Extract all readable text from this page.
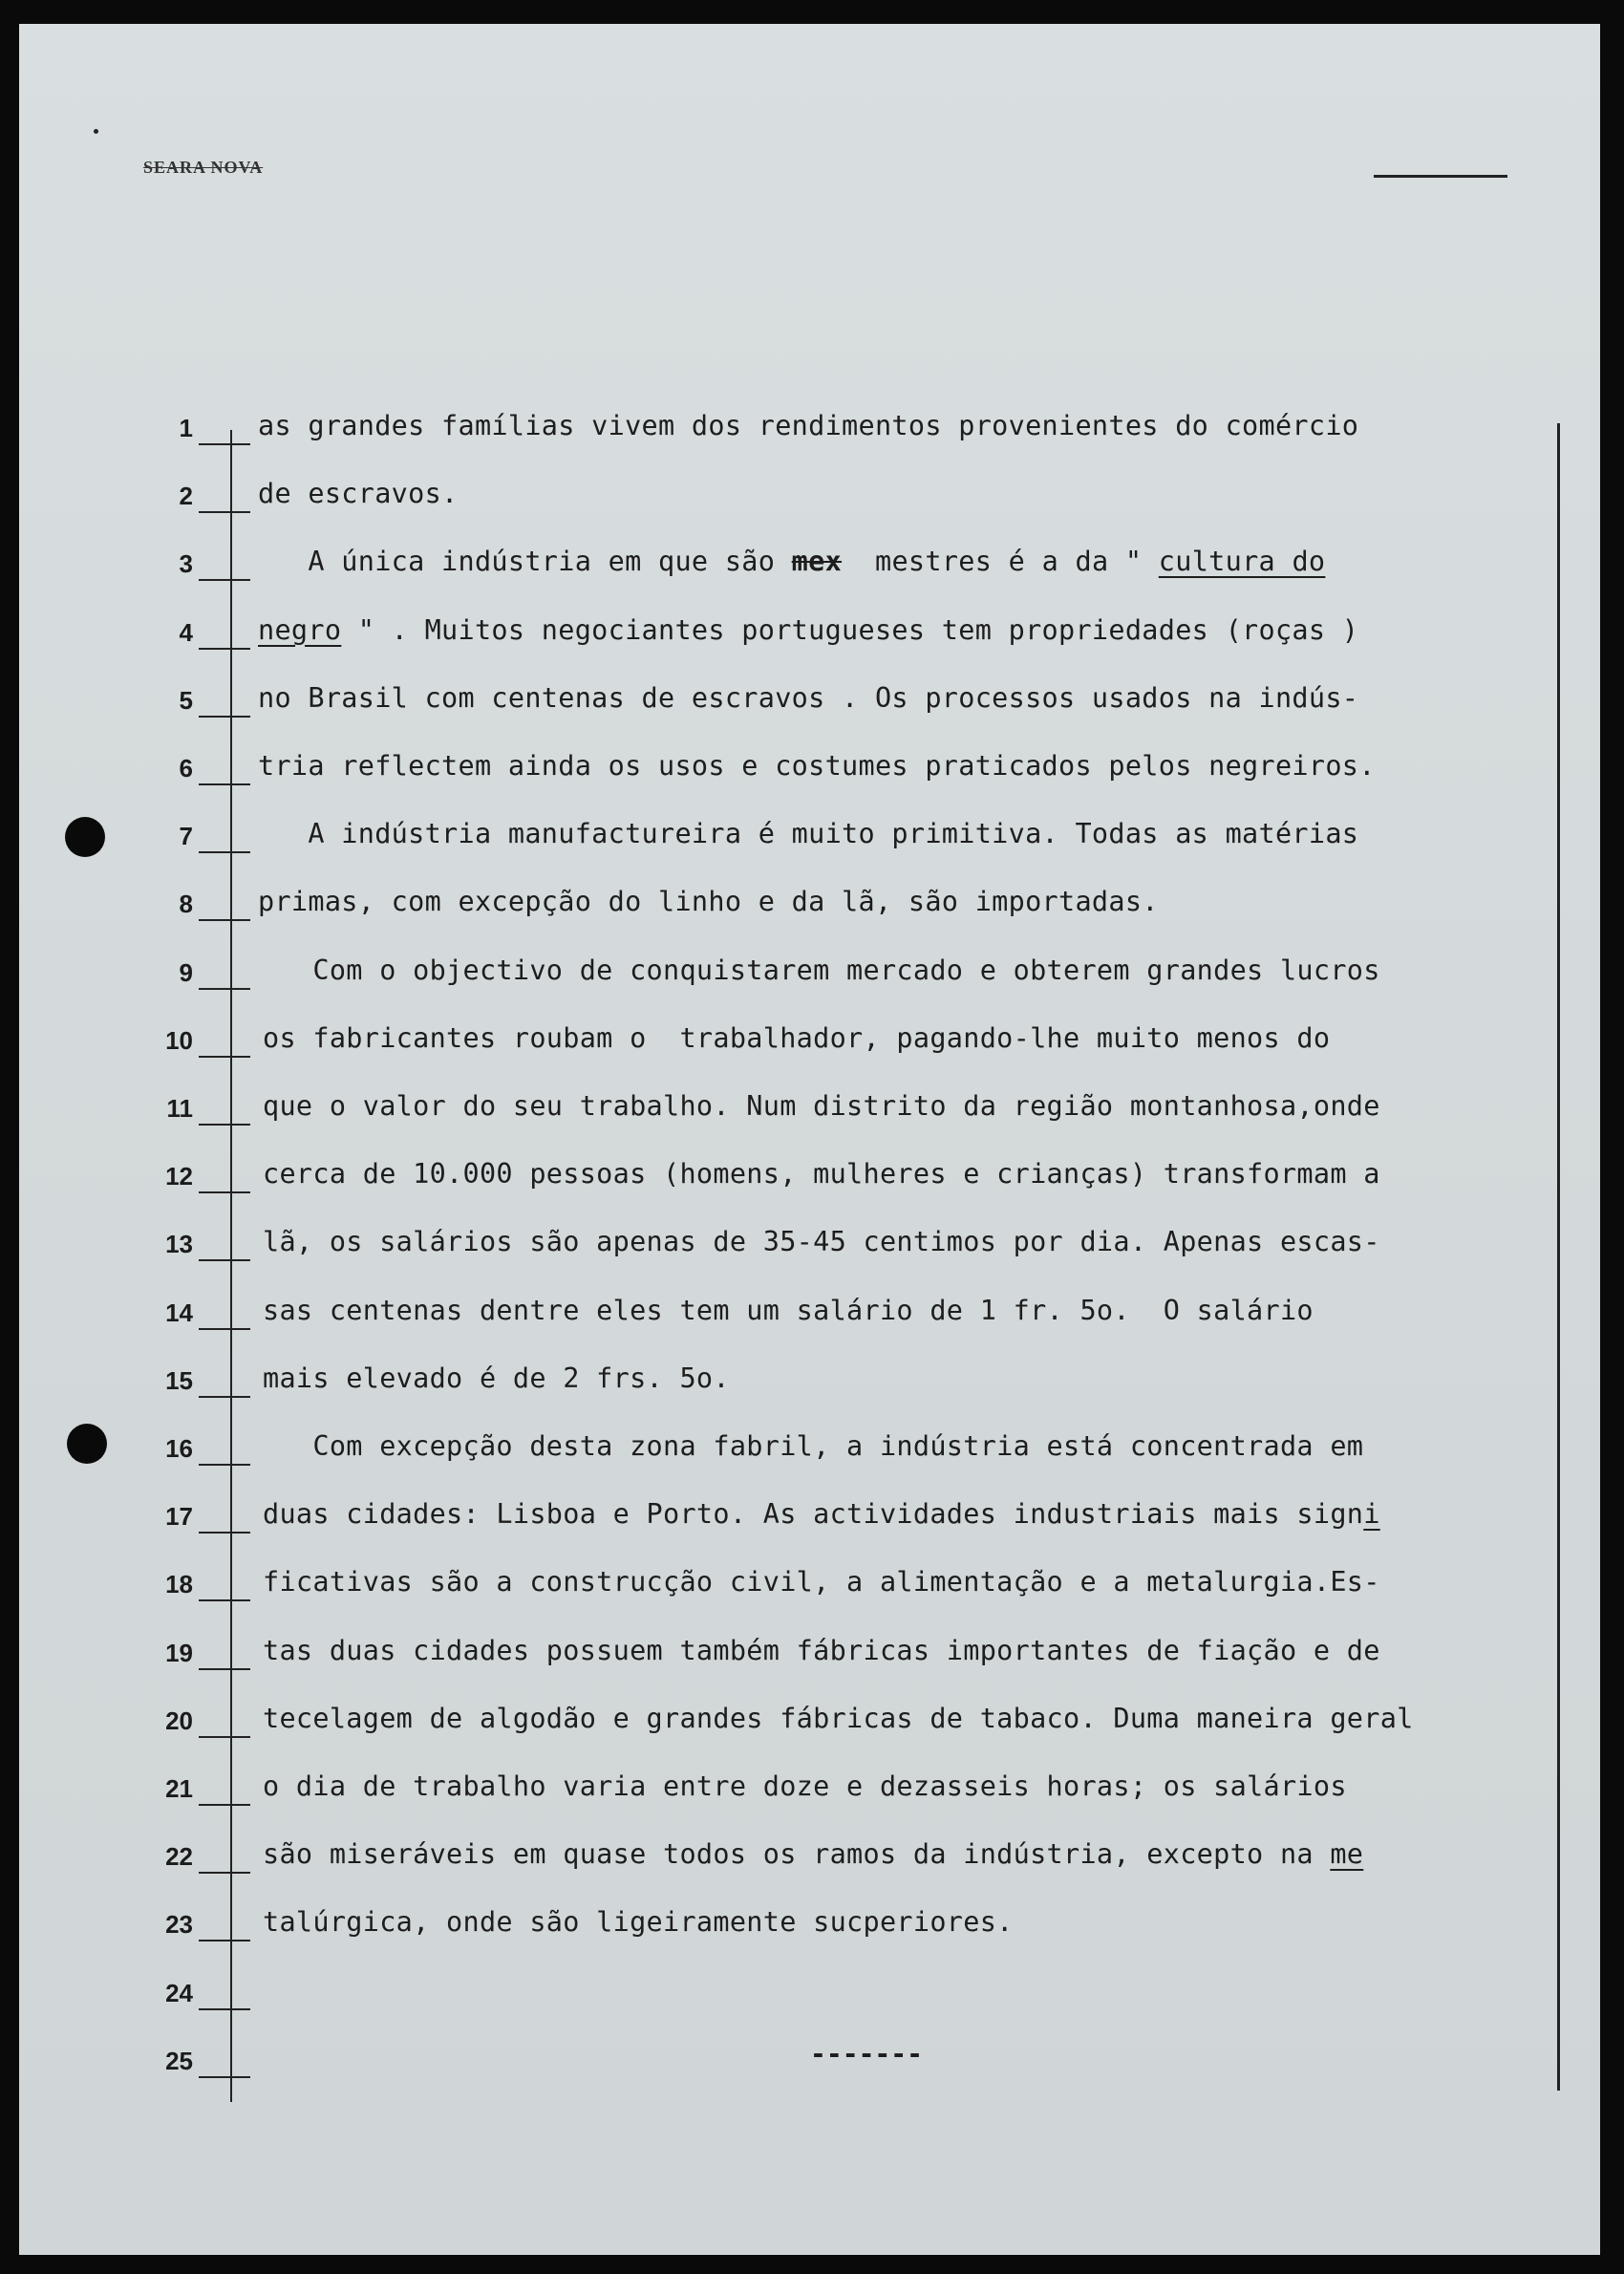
SEARA NOVA
1 as grandes famílias vivem dos rendimentos provenientes do comércio
2 de escravos.
3 A única indústria em que são mex  mestres é a da " cultura do
4 negro " . Muitos negociantes portugueses tem propriedades (roças )
5 no Brasil com centenas de escravos . Os processos usados na indús-
6 tria reflectem ainda os usos e costumes praticados pelos negreiros.
7 A indústria manufactureira é muito primitiva. Todas as matérias
8 primas, com excepção do linho e da lã, são importadas.
9	Com o objectivo de conquistarem mercado e obterem grandes lucros
10	os fabricantes roubam o  trabalhador, pagando-lhe muito menos do
11	que o valor do seu trabalho. Num distrito da região montanhosa,onde
12	cerca de 10.000 pessoas (homens, mulheres e crianças) transformam a
13	lã, os salários são apenas de 35-45 centimos por dia. Apenas escas-
14	sas centenas dentre eles tem um salário de 1 fr. 5o.  O salário
15	mais elevado é de 2 frs. 5o.
16	Com excepção desta zona fabril, a indústria está concentrada em
17	duas cidades: Lisboa e Porto. As actividades industriais mais signi
18	ficativas são a construcção civil, a alimentação e a metalurgia.Es-
19	tas duas cidades possuem também fábricas importantes de fiação e de
20	tecelagem de algodão e grandes fábricas de tabaco. Duma maneira geral
21	o dia de trabalho varia entre doze e dezasseis horas; os salários
22	são miseráveis em quase todos os ramos da indústria, excepto na me
23	talúrgica, onde são ligeiramente sucperiores.
24
25	-------
